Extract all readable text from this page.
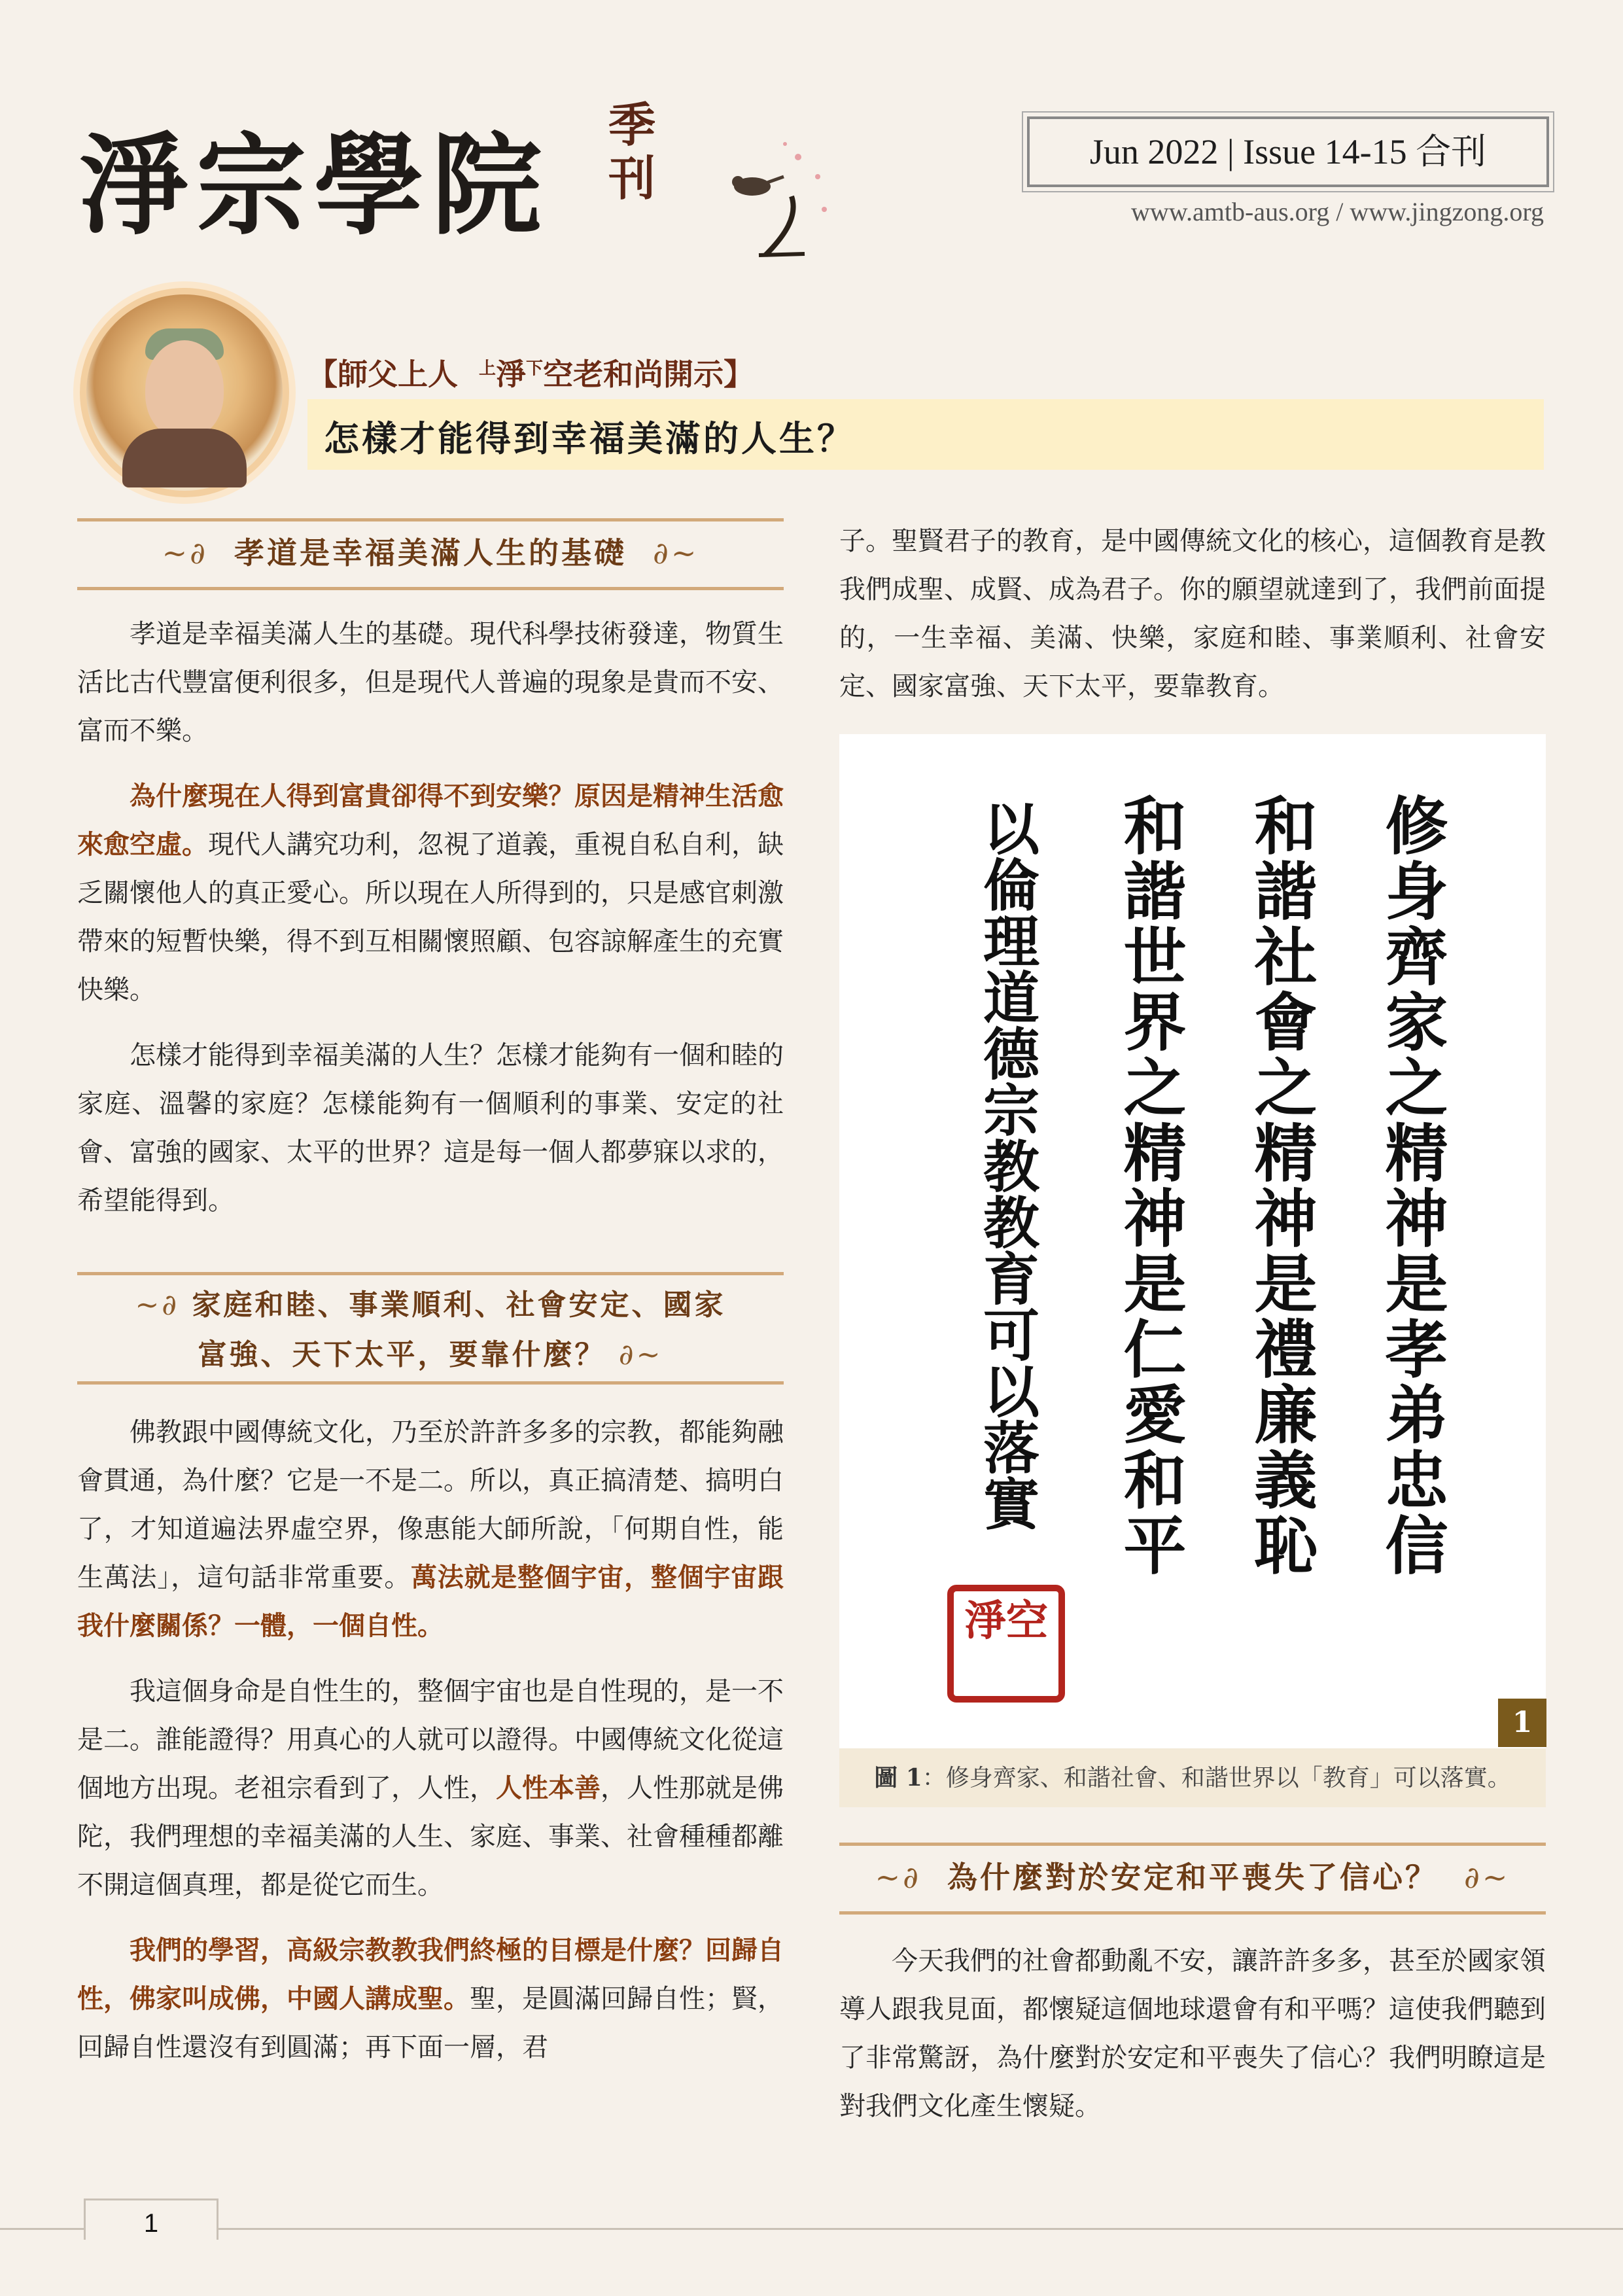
淨宗學院 季刊	Jun 2022 | Issue 14-15 合刊
www.amtb-aus.org / www.jingzong.org
【師父上人 $^上$淨$^下$空老和尚開示】
怎樣才能得到幸福美滿的人生？
~∂ 孝道是幸福美滿人生的基礎 ∂~

孝道是幸福美滿人生的基礎。現代科學技術發達，物質生活比古代豐富便利很多，但是現代人普遍的現象是貴而不安、富而不樂。

為什麼現在人得到富貴卻得不到安樂？原因是精神生活愈來愈空虛。現代人講究功利，忽視了道義，重視自私自利，缺乏關懷他人的真正愛心。所以現在人所得到的，只是感官刺激帶來的短暫快樂，得不到互相關懷照顧、包容諒解產生的充實快樂。

怎樣才能得到幸福美滿的人生？怎樣才能夠有一個和睦的家庭、溫馨的家庭？怎樣能夠有一個順利的事業、安定的社會、富強的國家、太平的世界？這是每一個人都夢寐以求的，希望能得到。

~∂ 家庭和睦、事業順利、社會安定、國家
富強、天下太平，要靠什麼？ ∂~

佛教跟中國傳統文化，乃至於許許多多的宗教，都能夠融會貫通，為什麼？它是一不是二。所以，真正搞清楚、搞明白了，才知道遍法界虛空界，像惠能大師所說，「何期自性，能生萬法」，這句話非常重要。萬法就是整個宇宙，整個宇宙跟我什麼關係？一體，一個自性。

我這個身命是自性生的，整個宇宙也是自性現的，是一不是二。誰能證得？用真心的人就可以證得。中國傳統文化從這個地方出現。老祖宗看到了，人性，人性本善，人性那就是佛陀，我們理想的幸福美滿的人生、家庭、事業、社會種種都離不開這個真理，都是從它而生。

我們的學習，高級宗教教我們終極的目標是什麼？回歸自性，佛家叫成佛，中國人講成聖。聖，是圓滿回歸自性；賢，回歸自性還沒有到圓滿；再下面一層，君

子。聖賢君子的教育，是中國傳統文化的核心，這個教育是教我們成聖、成賢、成為君子。你的願望就達到了，我們前面提的，一生幸福、美滿、快樂，家庭和睦、事業順利、社會安定、國家富強、天下太平，要靠教育。

修身齊家之精神是孝弟忠信
和諧社會之精神是禮廉義恥
和諧世界之精神是仁愛和平
以倫理道德宗教教育可以落實
淨空
1
圖 1：修身齊家、和諧社會、和諧世界以「教育」可以落實。
~∂ 為什麼對於安定和平喪失了信心？ ∂~

今天我們的社會都動亂不安，讓許許多多，甚至於國家領導人跟我見面，都懷疑這個地球還會有和平嗎？這使我們聽到了非常驚訝，為什麼對於安定和平喪失了信心？我們明瞭這是對我們文化產生懷疑。

1
